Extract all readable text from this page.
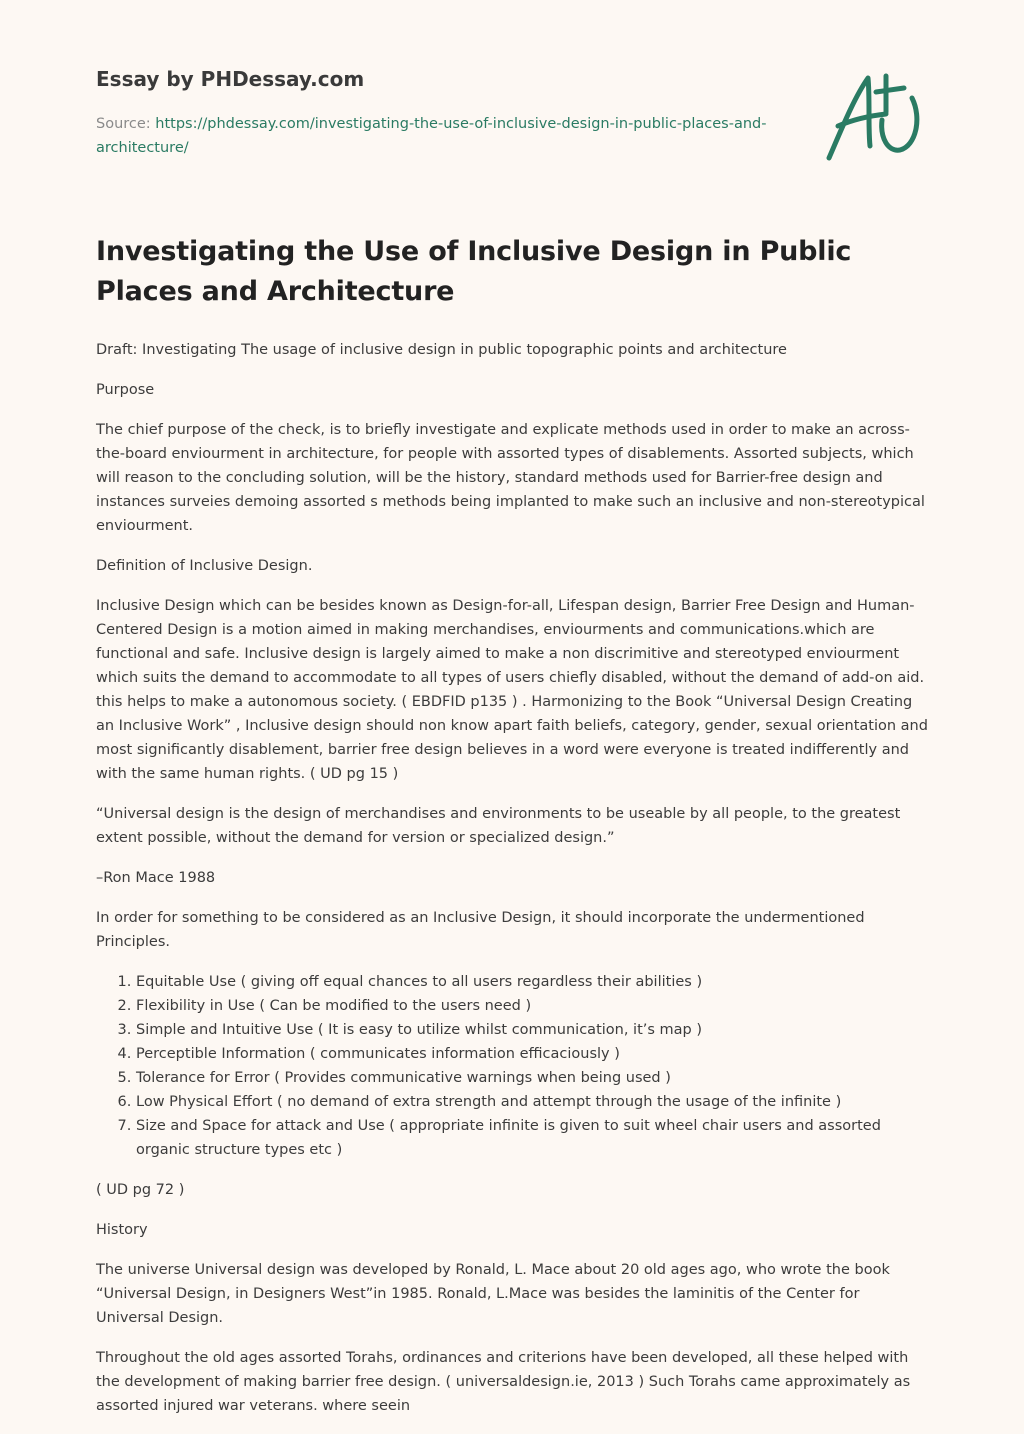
Essay by PHDessay.com
Source: https://phdessay.com/investigating-the-use-of-inclusive-design-in-public-places-and-architecture/
Investigating the Use of Inclusive Design in Public Places and Architecture

Draft: Investigating The usage of inclusive design in public topographic points and architecture

Purpose

The chief purpose of the check, is to briefly investigate and explicate methods used in order to make an across-the-board enviourment in architecture, for people with assorted types of disablements. Assorted subjects, which will reason to the concluding solution, will be the history, standard methods used for Barrier-free design and instances surveies demoing assorted s methods being implanted to make such an inclusive and non-stereotypical enviourment.

Definition of Inclusive Design.

Inclusive Design which can be besides known as Design-for-all, Lifespan design, Barrier Free Design and Human-Centered Design is a motion aimed in making merchandises, enviourments and communications.which are functional and safe. Inclusive design is largely aimed to make a non discrimitive and stereotyped enviourment which suits the demand to accommodate to all types of users chiefly disabled, without the demand of add-on aid. this helps to make a autonomous society. ( EBDFID p135 ) . Harmonizing to the Book “Universal Design Creating an Inclusive Work” , Inclusive design should non know apart faith beliefs, category, gender, sexual orientation and most significantly disablement, barrier free design believes in a word were everyone is treated indifferently and with the same human rights. ( UD pg 15 )

“Universal design is the design of merchandises and environments to be useable by all people, to the greatest extent possible, without the demand for version or specialized design.”

–Ron Mace 1988

In order for something to be considered as an Inclusive Design, it should incorporate the undermentioned Principles.

1. Equitable Use ( giving off equal chances to all users regardless their abilities )
2. Flexibility in Use ( Can be modified to the users need )
3. Simple and Intuitive Use ( It is easy to utilize whilst communication, it’s map )
4. Perceptible Information ( communicates information efficaciously )
5. Tolerance for Error ( Provides communicative warnings when being used )
6. Low Physical Effort ( no demand of extra strength and attempt through the usage of the infinite )
7. Size and Space for attack and Use ( appropriate infinite is given to suit wheel chair users and assorted organic structure types etc )

( UD pg 72 )

History

The universe Universal design was developed by Ronald, L. Mace about 20 old ages ago, who wrote the book “Universal Design, in Designers West”in 1985. Ronald, L.Mace was besides the laminitis of the Center for Universal Design.

Throughout the old ages assorted Torahs, ordinances and criterions have been developed, all these helped with the development of making barrier free design. ( universaldesign.ie, 2013 ) Such Torahs came approximately as assorted injured war veterans. where seein
